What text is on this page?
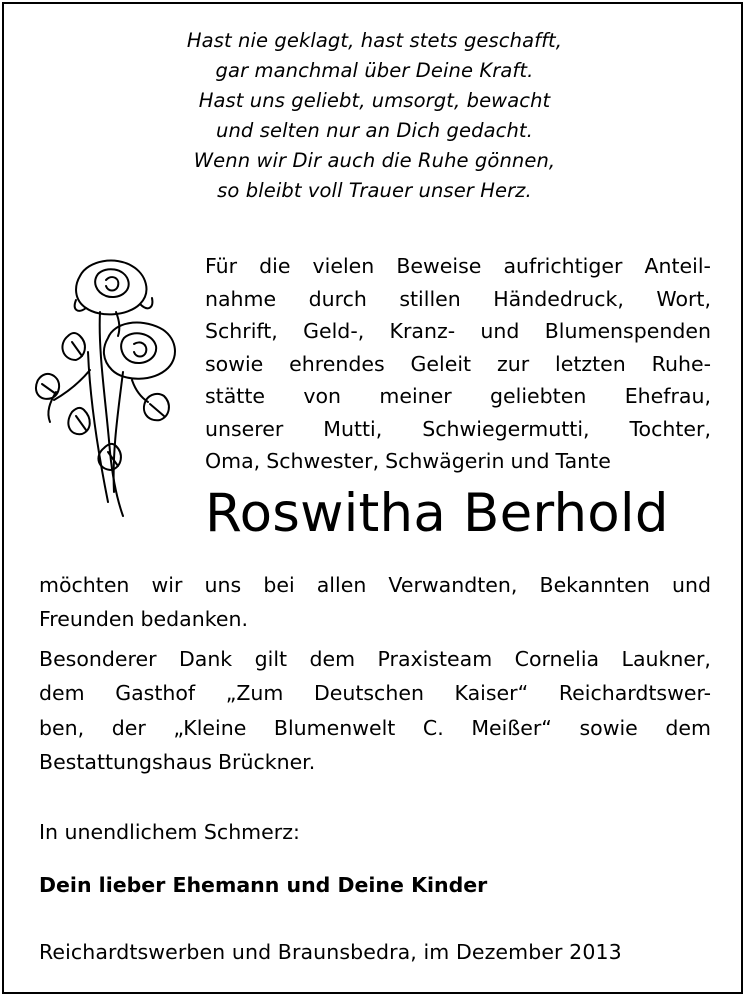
Hast nie geklagt, hast stets geschafft,
gar manchmal über Deine Kraft.
Hast uns geliebt, umsorgt, bewacht
und selten nur an Dich gedacht.
Wenn wir Dir auch die Ruhe gönnen,
so bleibt voll Trauer unser Herz.
Für die vielen Beweise aufrichtiger Anteil-
nahme durch stillen Händedruck, Wort,
Schrift, Geld-, Kranz- und Blumenspenden
sowie ehrendes Geleit zur letzten Ruhe-
stätte von meiner geliebten Ehefrau,
unserer Mutti, Schwiegermutti, Tochter,
Oma, Schwester, Schwägerin und Tante
Roswitha Berhold
möchten wir uns bei allen Verwandten, Bekannten und
Freunden bedanken.
Besonderer Dank gilt dem Praxisteam Cornelia Laukner,
dem Gasthof „Zum Deutschen Kaiser“ Reichardtswer-
ben, der „Kleine Blumenwelt C. Meißer“ sowie dem
Bestattungshaus Brückner.
In unendlichem Schmerz:
Dein lieber Ehemann und Deine Kinder
Reichardtswerben und Braunsbedra, im Dezember 2013
